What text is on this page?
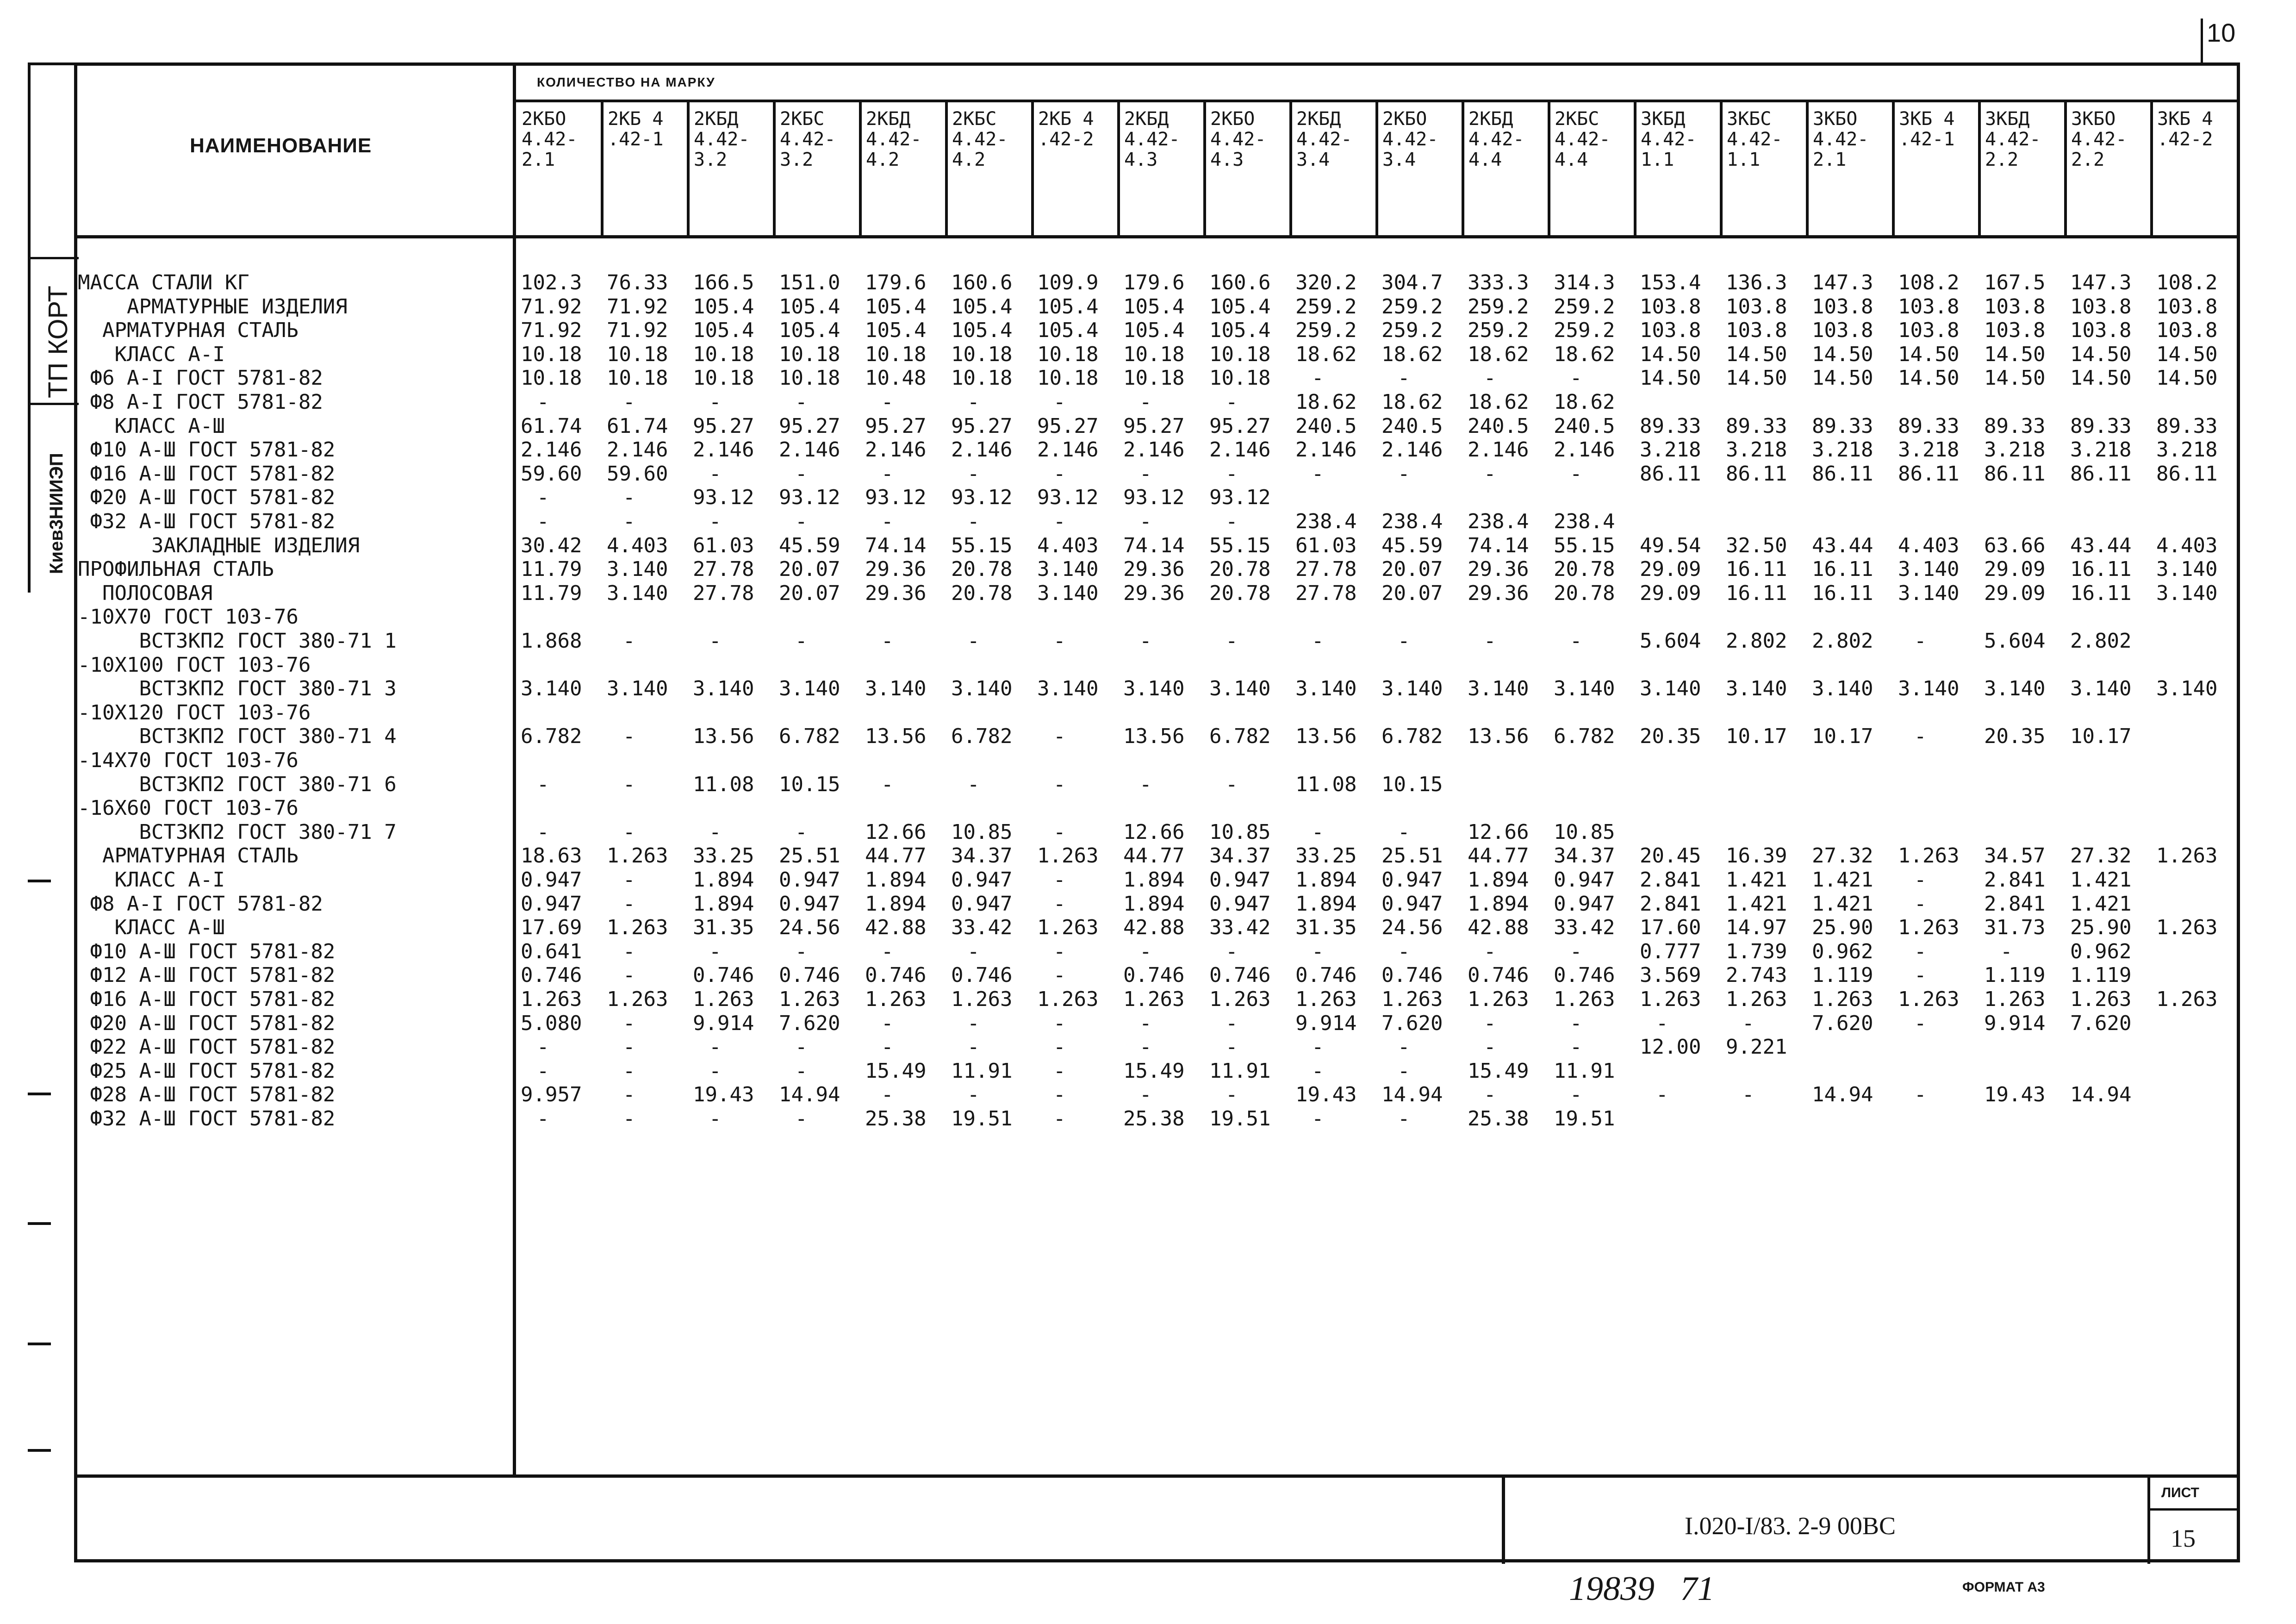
10
ТП КОРТ
Киев3НИИЭП
НАИМЕНОВАНИЕ
КОЛИЧЕСТВО НА МАРКУ
2КБО
4.42-
2.1
2КБ 4
.42-1
2КБД
4.42-
3.2
2КБС
4.42-
3.2
2КБД
4.42-
4.2
2КБС
4.42-
4.2
2КБ 4
.42-2
2КБД
4.42-
4.3
2КБО
4.42-
4.3
2КБД
4.42-
3.4
2КБО
4.42-
3.4
2КБД
4.42-
4.4
2КБС
4.42-
4.4
3КБД
4.42-
1.1
3КБС
4.42-
1.1
3КБО
4.42-
2.1
3КБ 4
.42-1
3КБД
4.42-
2.2
3КБО
4.42-
2.2
3КБ 4
.42-2
МАССА СТАЛИ КГ	102.3 76.33 166.5 151.0 179.6 160.6 109.9 179.6 160.6 320.2 304.7 333.3 314.3 153.4 136.3 147.3 108.2 167.5 147.3 108.2
АРМАТУРНЫЕ ИЗДЕЛИЯ	71.92 71.92 105.4 105.4 105.4 105.4 105.4 105.4 105.4 259.2 259.2 259.2 259.2 103.8 103.8 103.8 103.8 103.8 103.8 103.8
АРМАТУРНАЯ СТАЛЬ	71.92 71.92 105.4 105.4 105.4 105.4 105.4 105.4 105.4 259.2 259.2 259.2 259.2 103.8 103.8 103.8 103.8 103.8 103.8 103.8
КЛАСС А-I	10.18 10.18 10.18 10.18 10.18 10.18 10.18 10.18 10.18 18.62 18.62 18.62 18.62 14.50 14.50 14.50 14.50 14.50 14.50 14.50
Ф6 А-I ГОСТ 5781-82	10.18 10.18 10.18 10.18 10.48 10.18 10.18 10.18 10.18 -	-	-	-	14.50 14.50 14.50 14.50 14.50 14.50 14.50
Ф8 А-I ГОСТ 5781-82	-	-	-	-	-	-	-	-	-	18.62 18.62 18.62 18.62
КЛАСС А-Ш	61.74 61.74 95.27 95.27 95.27 95.27 95.27 95.27 95.27 240.5 240.5 240.5 240.5 89.33 89.33 89.33 89.33 89.33 89.33 89.33
Ф10 А-Ш ГОСТ 5781-82	2.146 2.146 2.146 2.146 2.146 2.146 2.146 2.146 2.146 2.146 2.146 2.146 2.146 3.218 3.218 3.218 3.218 3.218 3.218 3.218
Ф16 А-Ш ГОСТ 5781-82	59.60 59.60 -	-	-	-	-	-	-	-	-	-	-	86.11 86.11 86.11 86.11 86.11 86.11 86.11
Ф20 А-Ш ГОСТ 5781-82	-	-	93.12 93.12 93.12 93.12 93.12 93.12 93.12
Ф32 А-Ш ГОСТ 5781-82	-	-	-	-	-	-	-	-	-	238.4 238.4 238.4 238.4
ЗАКЛАДНЫЕ ИЗДЕЛИЯ	30.42 4.403 61.03 45.59 74.14 55.15 4.403 74.14 55.15 61.03 45.59 74.14 55.15 49.54 32.50 43.44 4.403 63.66 43.44 4.403
ПРОФИЛЬНАЯ СТАЛЬ	11.79 3.140 27.78 20.07 29.36 20.78 3.140 29.36 20.78 27.78 20.07 29.36 20.78 29.09 16.11 16.11 3.140 29.09 16.11 3.140
ПОЛОСОВАЯ	11.79 3.140 27.78 20.07 29.36 20.78 3.140 29.36 20.78 27.78 20.07 29.36 20.78 29.09 16.11 16.11 3.140 29.09 16.11 3.140
-10Х70 ГОСТ 103-76
ВСТ3КП2 ГОСТ 380-71 1	1.868 -	-	-	-	-	-	-	-	-	-	-	-	5.604 2.802 2.802 -	5.604 2.802
-10Х100 ГОСТ 103-76
ВСТ3КП2 ГОСТ 380-71 3	3.140 3.140 3.140 3.140 3.140 3.140 3.140 3.140 3.140 3.140 3.140 3.140 3.140 3.140 3.140 3.140 3.140 3.140 3.140 3.140
-10Х120 ГОСТ 103-76
ВСТ3КП2 ГОСТ 380-71 4	6.782 -	13.56 6.782 13.56 6.782 -	13.56 6.782 13.56 6.782 13.56 6.782 20.35 10.17 10.17 -	20.35 10.17
-14Х70 ГОСТ 103-76
ВСТ3КП2 ГОСТ 380-71 6	-	-	11.08 10.15 -	-	-	-	-	11.08 10.15
-16Х60 ГОСТ 103-76
ВСТ3КП2 ГОСТ 380-71 7	-	-	-	-	12.66 10.85 -	12.66 10.85 -	-	12.66 10.85
АРМАТУРНАЯ СТАЛЬ	18.63 1.263 33.25 25.51 44.77 34.37 1.263 44.77 34.37 33.25 25.51 44.77 34.37 20.45 16.39 27.32 1.263 34.57 27.32 1.263
КЛАСС А-I	0.947 -	1.894 0.947 1.894 0.947 -	1.894 0.947 1.894 0.947 1.894 0.947 2.841 1.421 1.421 -	2.841 1.421
Ф8 А-I ГОСТ 5781-82	0.947 -	1.894 0.947 1.894 0.947 -	1.894 0.947 1.894 0.947 1.894 0.947 2.841 1.421 1.421 -	2.841 1.421
КЛАСС А-Ш	17.69 1.263 31.35 24.56 42.88 33.42 1.263 42.88 33.42 31.35 24.56 42.88 33.42 17.60 14.97 25.90 1.263 31.73 25.90 1.263
Ф10 А-Ш ГОСТ 5781-82	0.641 -	-	-	-	-	-	-	-	-	-	-	-	0.777 1.739 0.962 -	-	0.962
Ф12 А-Ш ГОСТ 5781-82	0.746 -	0.746 0.746 0.746 0.746 -	0.746 0.746 0.746 0.746 0.746 0.746 3.569 2.743 1.119 -	1.119 1.119
Ф16 А-Ш ГОСТ 5781-82	1.263 1.263 1.263 1.263 1.263 1.263 1.263 1.263 1.263 1.263 1.263 1.263 1.263 1.263 1.263 1.263 1.263 1.263 1.263 1.263
Ф20 А-Ш ГОСТ 5781-82	5.080 -	9.914 7.620 -	-	-	-	-	9.914 7.620 -	-	-	-	7.620 -	9.914 7.620
Ф22 А-Ш ГОСТ 5781-82	-	-	-	-	-	-	-	-	-	-	-	-	-	12.00 9.221
Ф25 А-Ш ГОСТ 5781-82	-	-	-	-	15.49 11.91 -	15.49 11.91 -	-	15.49 11.91
Ф28 А-Ш ГОСТ 5781-82	9.957 -	19.43 14.94 -	-	-	-	-	19.43 14.94 -	-	-	-	14.94 -	19.43 14.94
Ф32 А-Ш ГОСТ 5781-82	-	-	-	-	25.38 19.51 -	25.38 19.51 -	-	25.38 19.51
I.020-I/83. 2-9 00ВС
ЛИСТ
15
19839   71	ФОРМАТ А3
